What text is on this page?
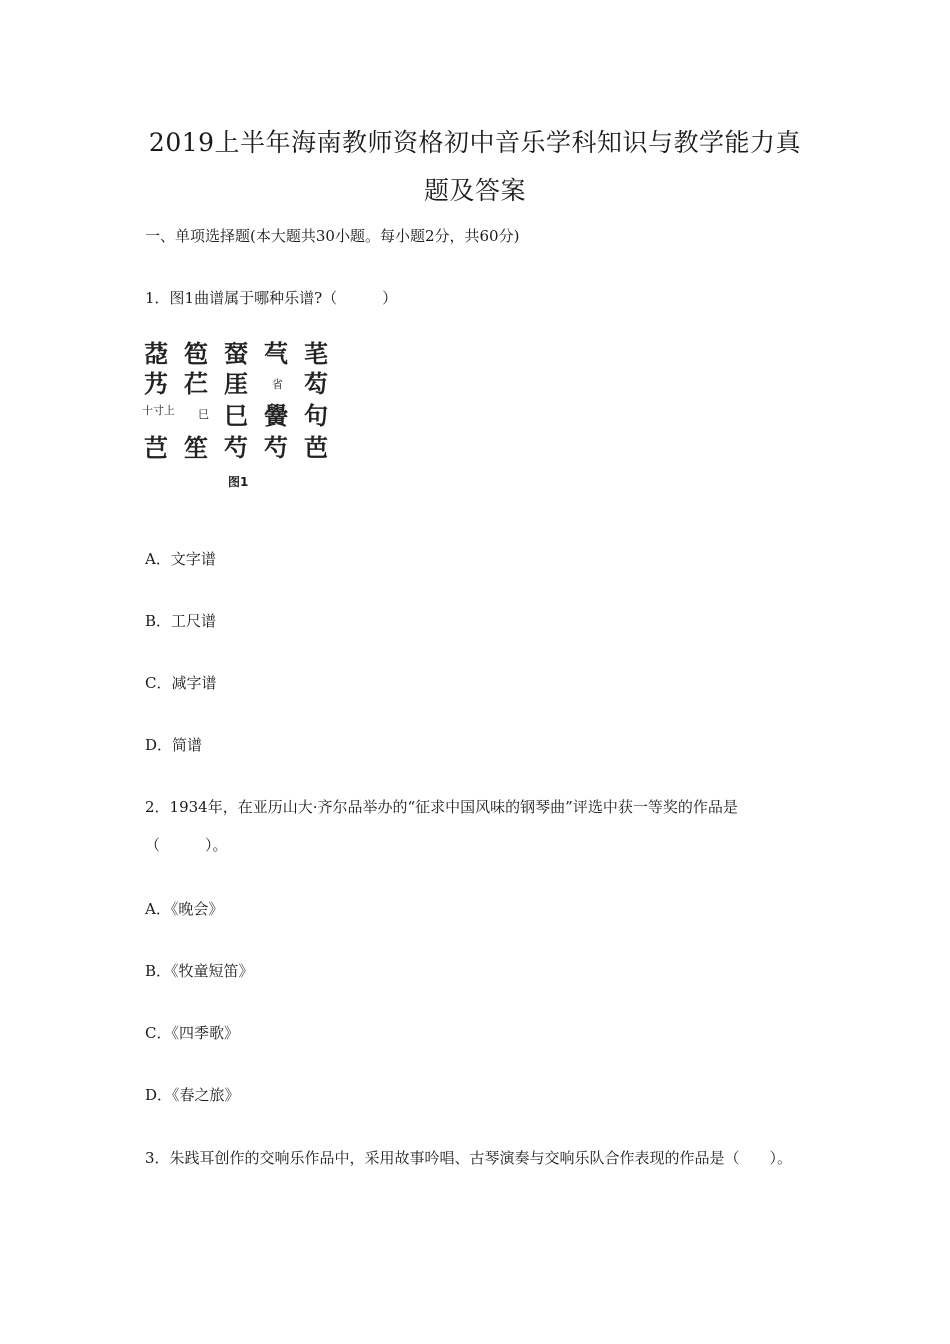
2019上半年海南教师资格初中音乐学科知识与教学能力真
题及答案
一、单项选择题(本大题共30小题。每小题2分，共60分)
1．图1曲谱属于哪种乐谱?（　　　）
莻 笣 蝅 芞 芼
艿 芢 厓 省 芶
十寸上 巳 巳 黌 句
芑 笙 芍 芍 芭
图1
A．文字谱
B．工尺谱
C．减字谱
D．简谱
2．1934年，在亚历山大·齐尔品举办的“征求中国风味的钢琴曲”评选中获一等奖的作品是（　　　）。
A．《晚会》
B．《牧童短笛》
C．《四季歌》
D．《春之旅》
3．朱践耳创作的交响乐作品中，采用故事吟唱、古琴演奏与交响乐队合作表现的作品是（　　）。
